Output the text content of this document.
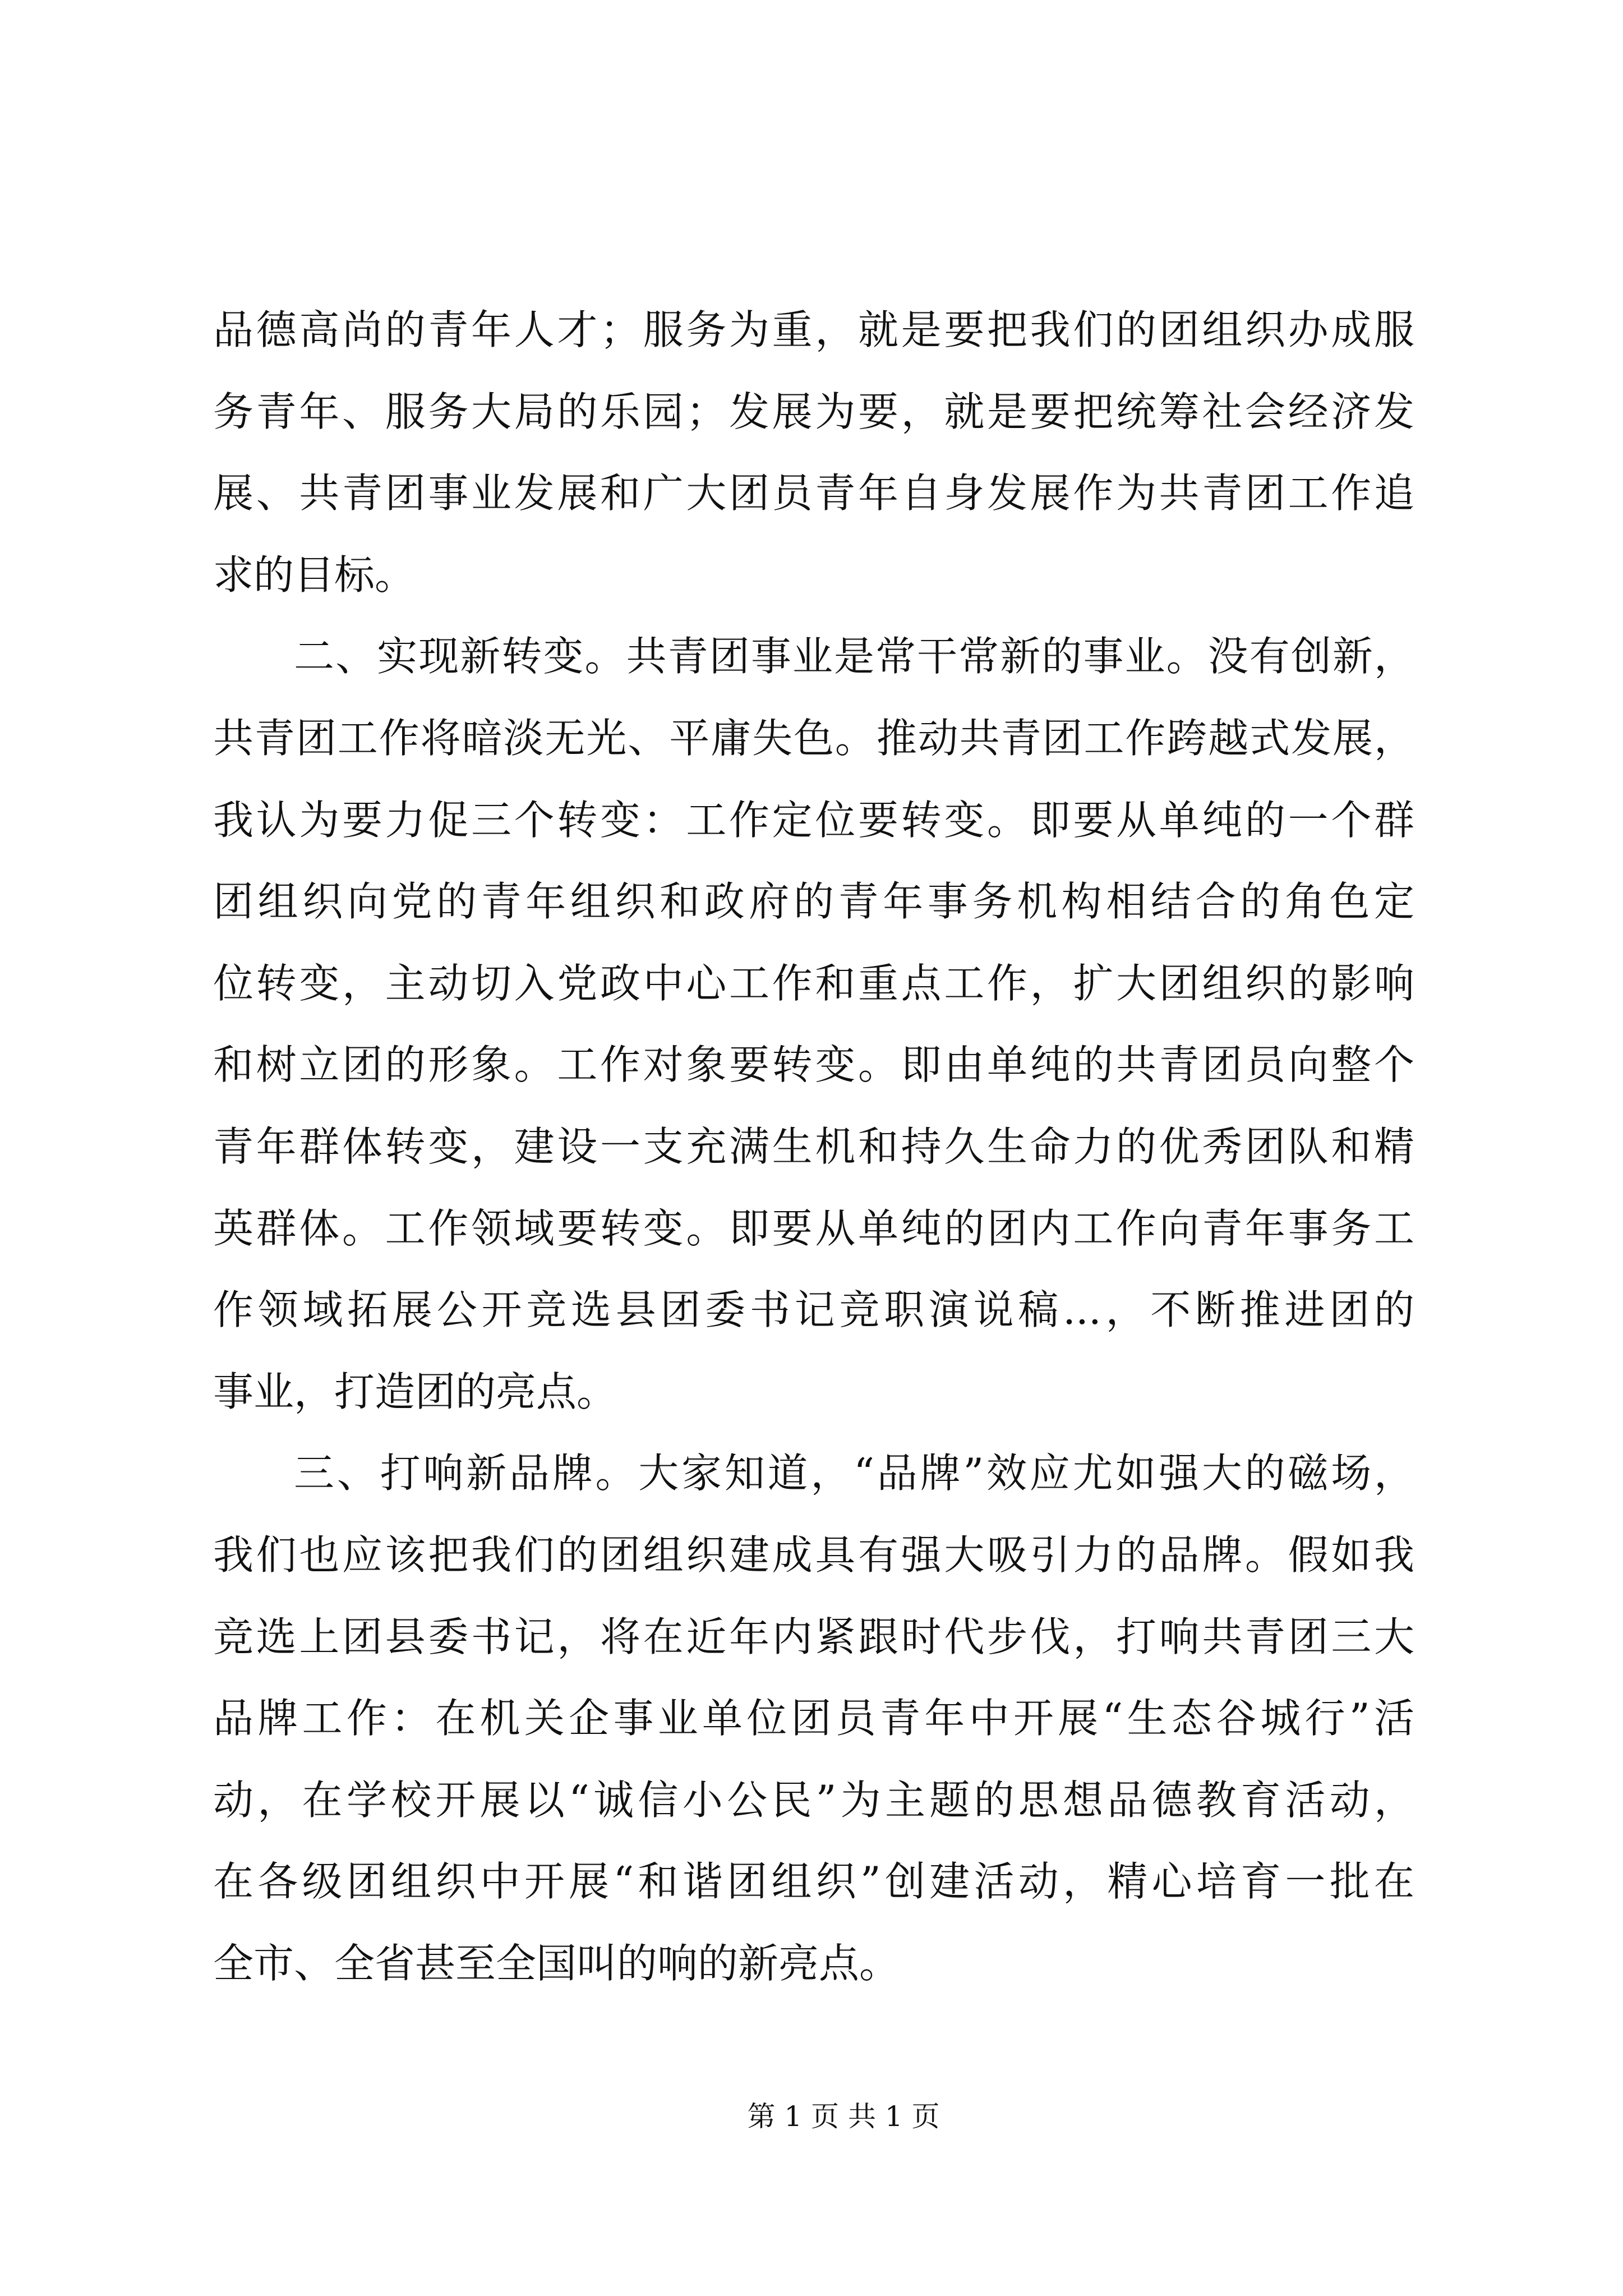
品德高尚的青年人才；服务为重，就是要把我们的团组织办成服
务青年、服务大局的乐园；发展为要，就是要把统筹社会经济发
展、共青团事业发展和广大团员青年自身发展作为共青团工作追
求的目标。
二、实现新转变。共青团事业是常干常新的事业。没有创新，
共青团工作将暗淡无光、平庸失色。推动共青团工作跨越式发展，
我认为要力促三个转变：工作定位要转变。即要从单纯的一个群
团组织向党的青年组织和政府的青年事务机构相结合的角色定
位转变，主动切入党政中心工作和重点工作，扩大团组织的影响
和树立团的形象。工作对象要转变。即由单纯的共青团员向整个
青年群体转变，建设一支充满生机和持久生命力的优秀团队和精
英群体。工作领域要转变。即要从单纯的团内工作向青年事务工
作领域拓展公开竞选县团委书记竞职演说稿...，不断推进团的
事业，打造团的亮点。
三、打响新品牌。大家知道，“品牌”效应尤如强大的磁场，
我们也应该把我们的团组织建成具有强大吸引力的品牌。假如我
竞选上团县委书记，将在近年内紧跟时代步伐，打响共青团三大
品牌工作：在机关企事业单位团员青年中开展“生态谷城行”活
动，在学校开展以“诚信小公民”为主题的思想品德教育活动，
在各级团组织中开展“和谐团组织”创建活动，精心培育一批在
全市、全省甚至全国叫的响的新亮点。
第 1 页 共 1 页
